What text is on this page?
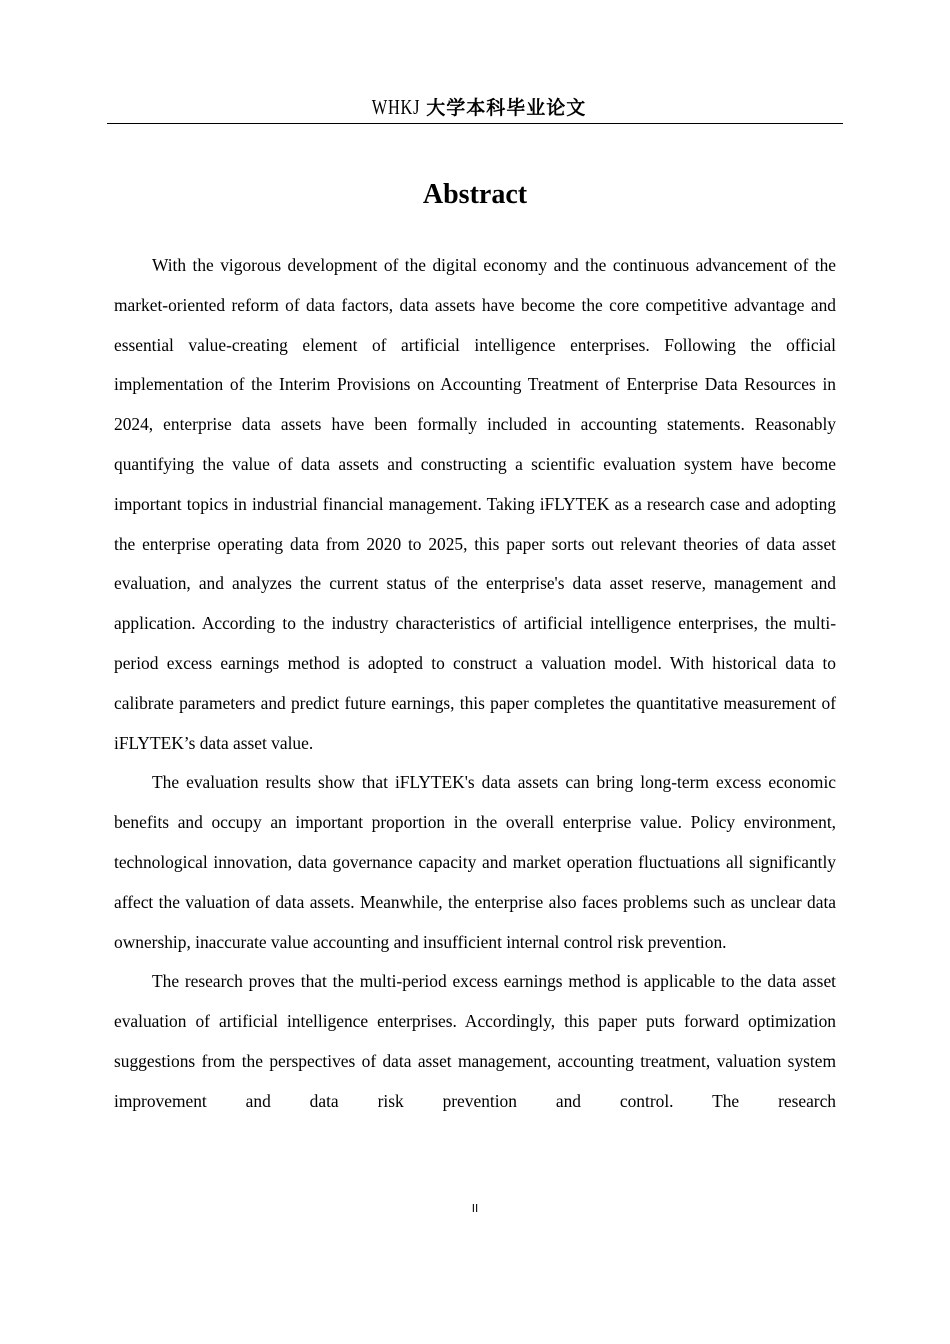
WHKJ 大学本科毕业论文
Abstract

With the vigorous development of the digital economy and the continuous advancement of the market-oriented reform of data factors, data assets have become the core competitive advantage and essential value-creating element of artificial intelligence enterprises. Following the official implementation of the Interim Provisions on Accounting Treatment of Enterprise Data Resources in 2024, enterprise data assets have been formally included in accounting statements. Reasonably quantifying the value of data assets and constructing a scientific evaluation system have become important topics in industrial financial management. Taking iFLYTEK as a research case and adopting the enterprise operating data from 2020 to 2025, this paper sorts out relevant theories of data asset evaluation, and analyzes the current status of the enterprise's data asset reserve, management and application. According to the industry characteristics of artificial intelligence enterprises, the multi-period excess earnings method is adopted to construct a valuation model. With historical data to calibrate parameters and predict future earnings, this paper completes the quantitative measurement of iFLYTEK’s data asset value.

The evaluation results show that iFLYTEK's data assets can bring long-term excess economic benefits and occupy an important proportion in the overall enterprise value. Policy environment, technological innovation, data governance capacity and market operation fluctuations all significantly affect the valuation of data assets. Meanwhile, the enterprise also faces problems such as unclear data ownership, inaccurate value accounting and insufficient internal control risk prevention.

The research proves that the multi-period excess earnings method is applicable to the data asset evaluation of artificial intelligence enterprises. Accordingly, this paper puts forward optimization suggestions from the perspectives of data asset management, accounting treatment, valuation system improvement and data risk prevention and control. The research

II
